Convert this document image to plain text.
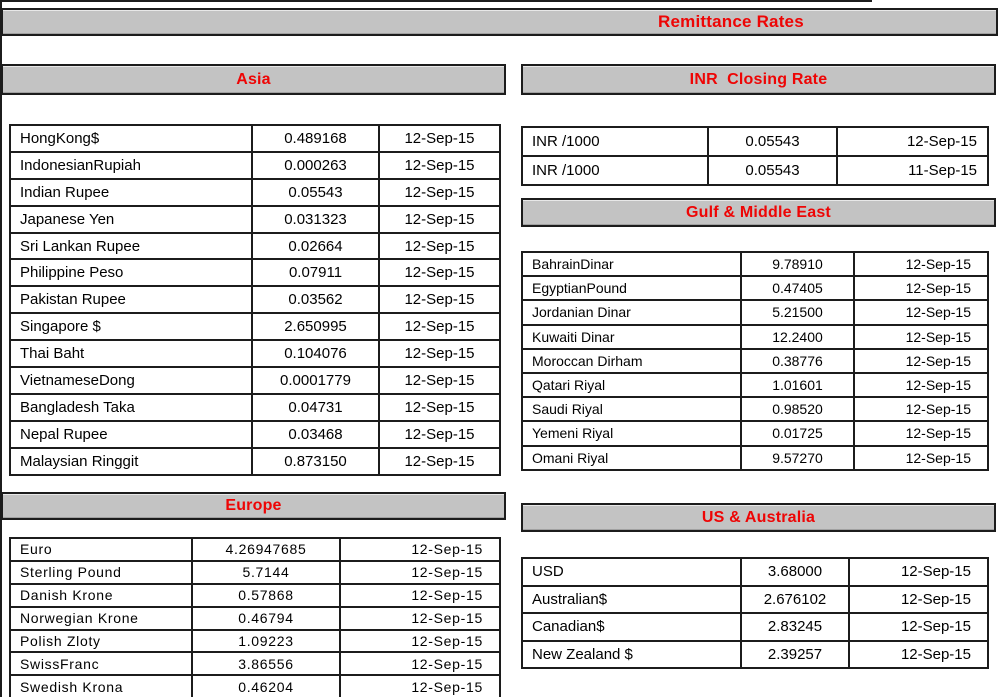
Remittance Rates
Asia	INR  Closing Rate
Gulf & Middle East
Europe
US & Australia
HongKong$	0.489168	12-Sep-15
IndonesianRupiah	0.000263	12-Sep-15
Indian Rupee	0.05543	12-Sep-15
Japanese Yen	0.031323	12-Sep-15
Sri Lankan Rupee	0.02664	12-Sep-15
Philippine Peso	0.07911	12-Sep-15
Pakistan Rupee	0.03562	12-Sep-15
Singapore $	2.650995	12-Sep-15
Thai Baht	0.104076	12-Sep-15
VietnameseDong	0.0001779	12-Sep-15
Bangladesh Taka	0.04731	12-Sep-15
Nepal Rupee	0.03468	12-Sep-15
Malaysian Ringgit	0.873150	12-Sep-15
Euro	4.26947685	12-Sep-15
Sterling Pound	5.7144	12-Sep-15
Danish Krone	0.57868	12-Sep-15
Norwegian Krone	0.46794	12-Sep-15
Polish Zloty	1.09223	12-Sep-15
SwissFranc	3.86556	12-Sep-15
Swedish Krona	0.46204	12-Sep-15
INR /1000	0.05543	12-Sep-15
INR /1000	0.05543	11-Sep-15
BahrainDinar	9.78910	12-Sep-15
EgyptianPound	0.47405	12-Sep-15
Jordanian Dinar	5.21500	12-Sep-15
Kuwaiti Dinar	12.2400	12-Sep-15
Moroccan Dirham	0.38776	12-Sep-15
Qatari Riyal	1.01601	12-Sep-15
Saudi Riyal	0.98520	12-Sep-15
Yemeni Riyal	0.01725	12-Sep-15
Omani Riyal	9.57270	12-Sep-15
USD	3.68000	12-Sep-15
Australian$	2.676102	12-Sep-15
Canadian$	2.83245	12-Sep-15
New Zealand $	2.39257	12-Sep-15
